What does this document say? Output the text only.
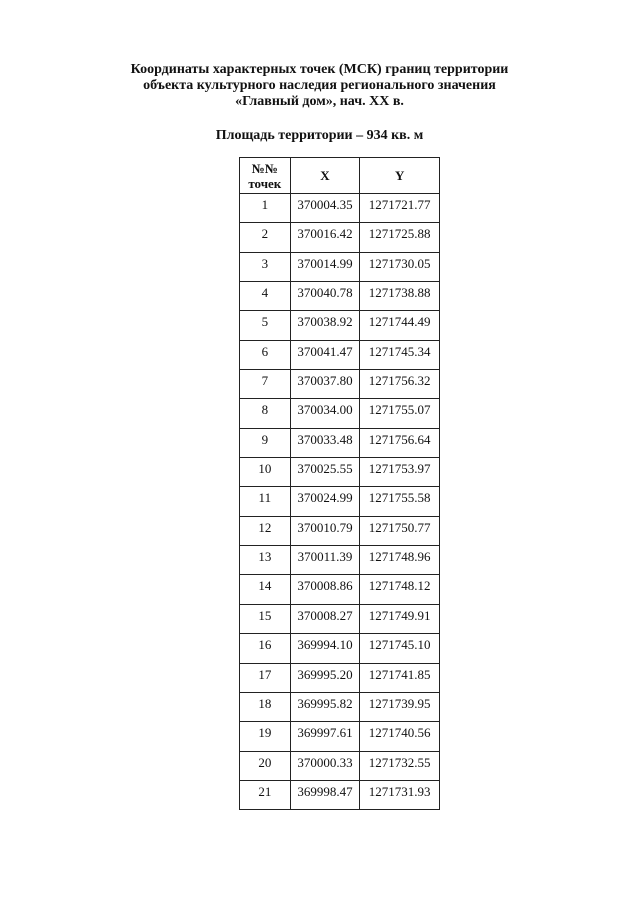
Координаты характерных точек (МСК) границ территории
объекта культурного наследия регионального значения
«Главный дом», нач. XX в.
Площадь территории – 934 кв. м
№№
точек	X	Y
1	370004.35	1271721.77
2	370016.42	1271725.88
3	370014.99	1271730.05
4	370040.78	1271738.88
5	370038.92	1271744.49
6	370041.47	1271745.34
7	370037.80	1271756.32
8	370034.00	1271755.07
9	370033.48	1271756.64
10	370025.55	1271753.97
11	370024.99	1271755.58
12	370010.79	1271750.77
13	370011.39	1271748.96
14	370008.86	1271748.12
15	370008.27	1271749.91
16	369994.10	1271745.10
17	369995.20	1271741.85
18	369995.82	1271739.95
19	369997.61	1271740.56
20	370000.33	1271732.55
21	369998.47	1271731.93
